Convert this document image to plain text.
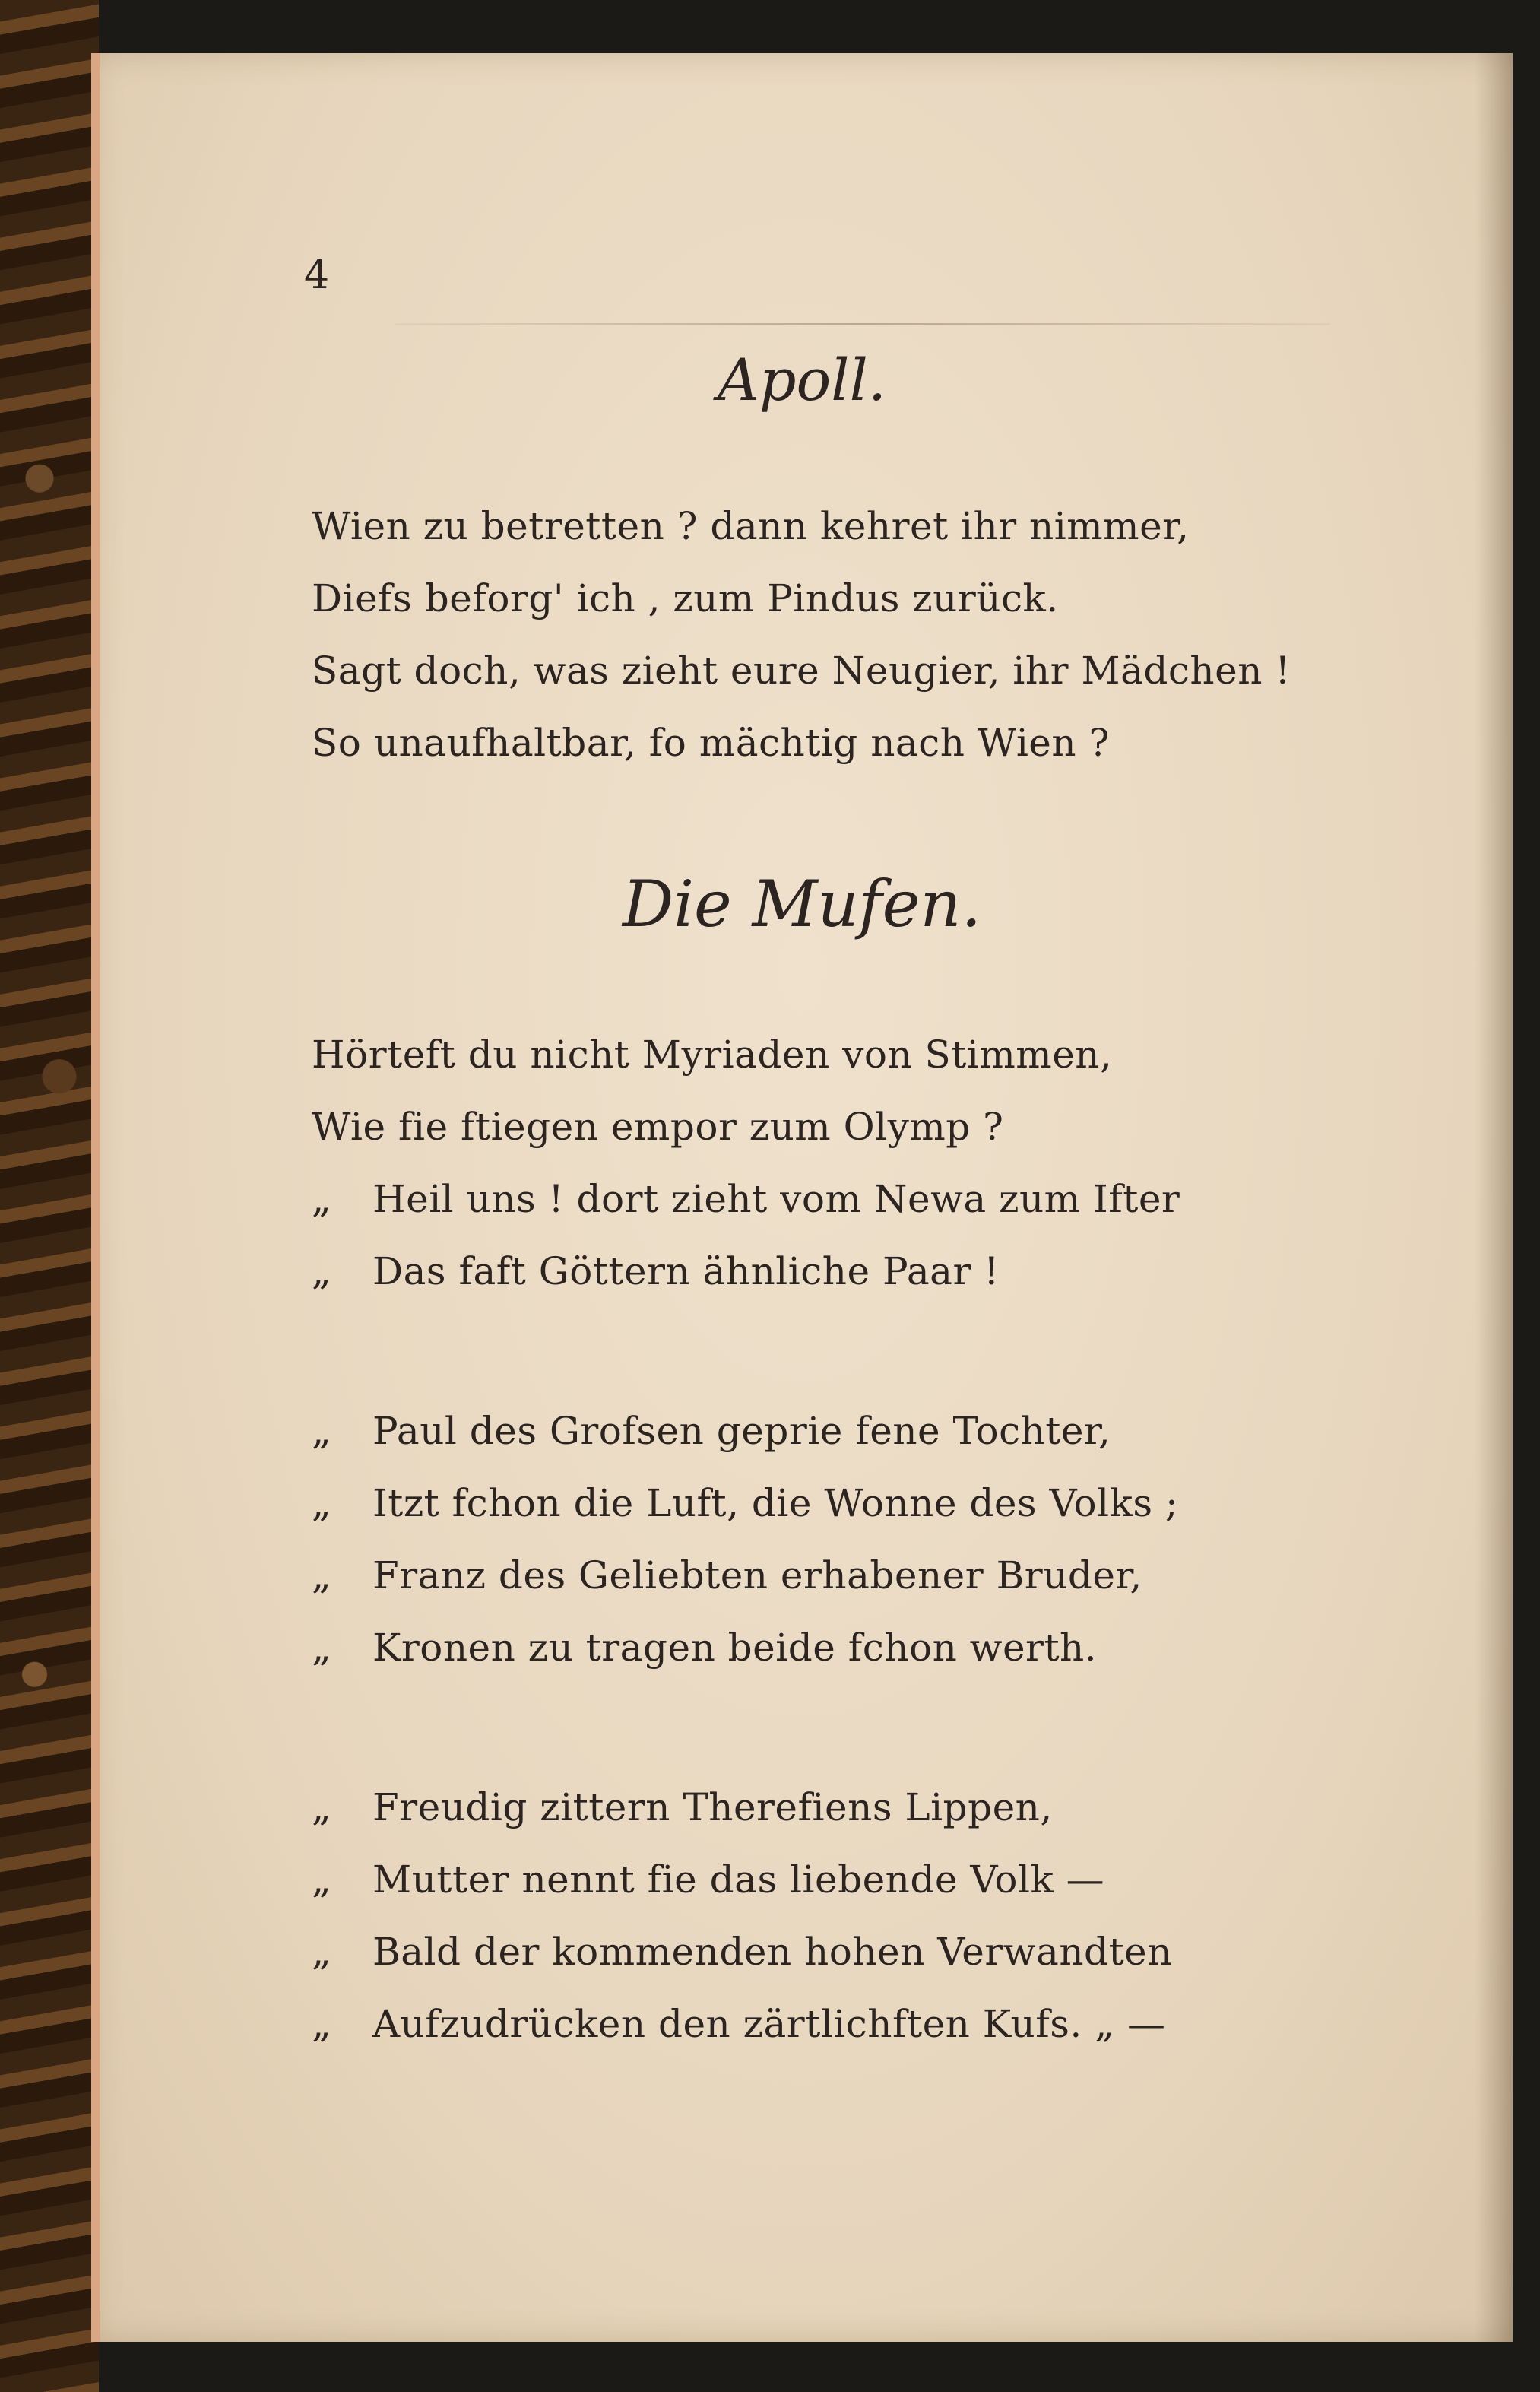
4
Apoll.
Wien zu betretten ? dann kehret ihr nimmer,
Diefs beforg' ich , zum Pindus zurück.
Sagt doch, was zieht eure Neugier, ihr Mädchen !
So unaufhaltbar, fo mächtig nach Wien ?
Die Mufen.
Hörteft du nicht Myriaden von Stimmen,
Wie fie ftiegen empor zum Olymp ?
„ Heil uns ! dort zieht vom Newa zum Ifter
„ Das faft Göttern ähnliche Paar !
„ Paul des Grofsen geprie fene Tochter,
„ Itzt fchon die Luft, die Wonne des Volks ;
„ Franz des Geliebten erhabener Bruder,
„ Kronen zu tragen beide fchon werth.
„ Freudig zittern Therefiens Lippen,
„ Mutter nennt fie das liebende Volk —
„ Bald der kommenden hohen Verwandten
„ Aufzudrücken den zärtlichften Kufs. „ —
